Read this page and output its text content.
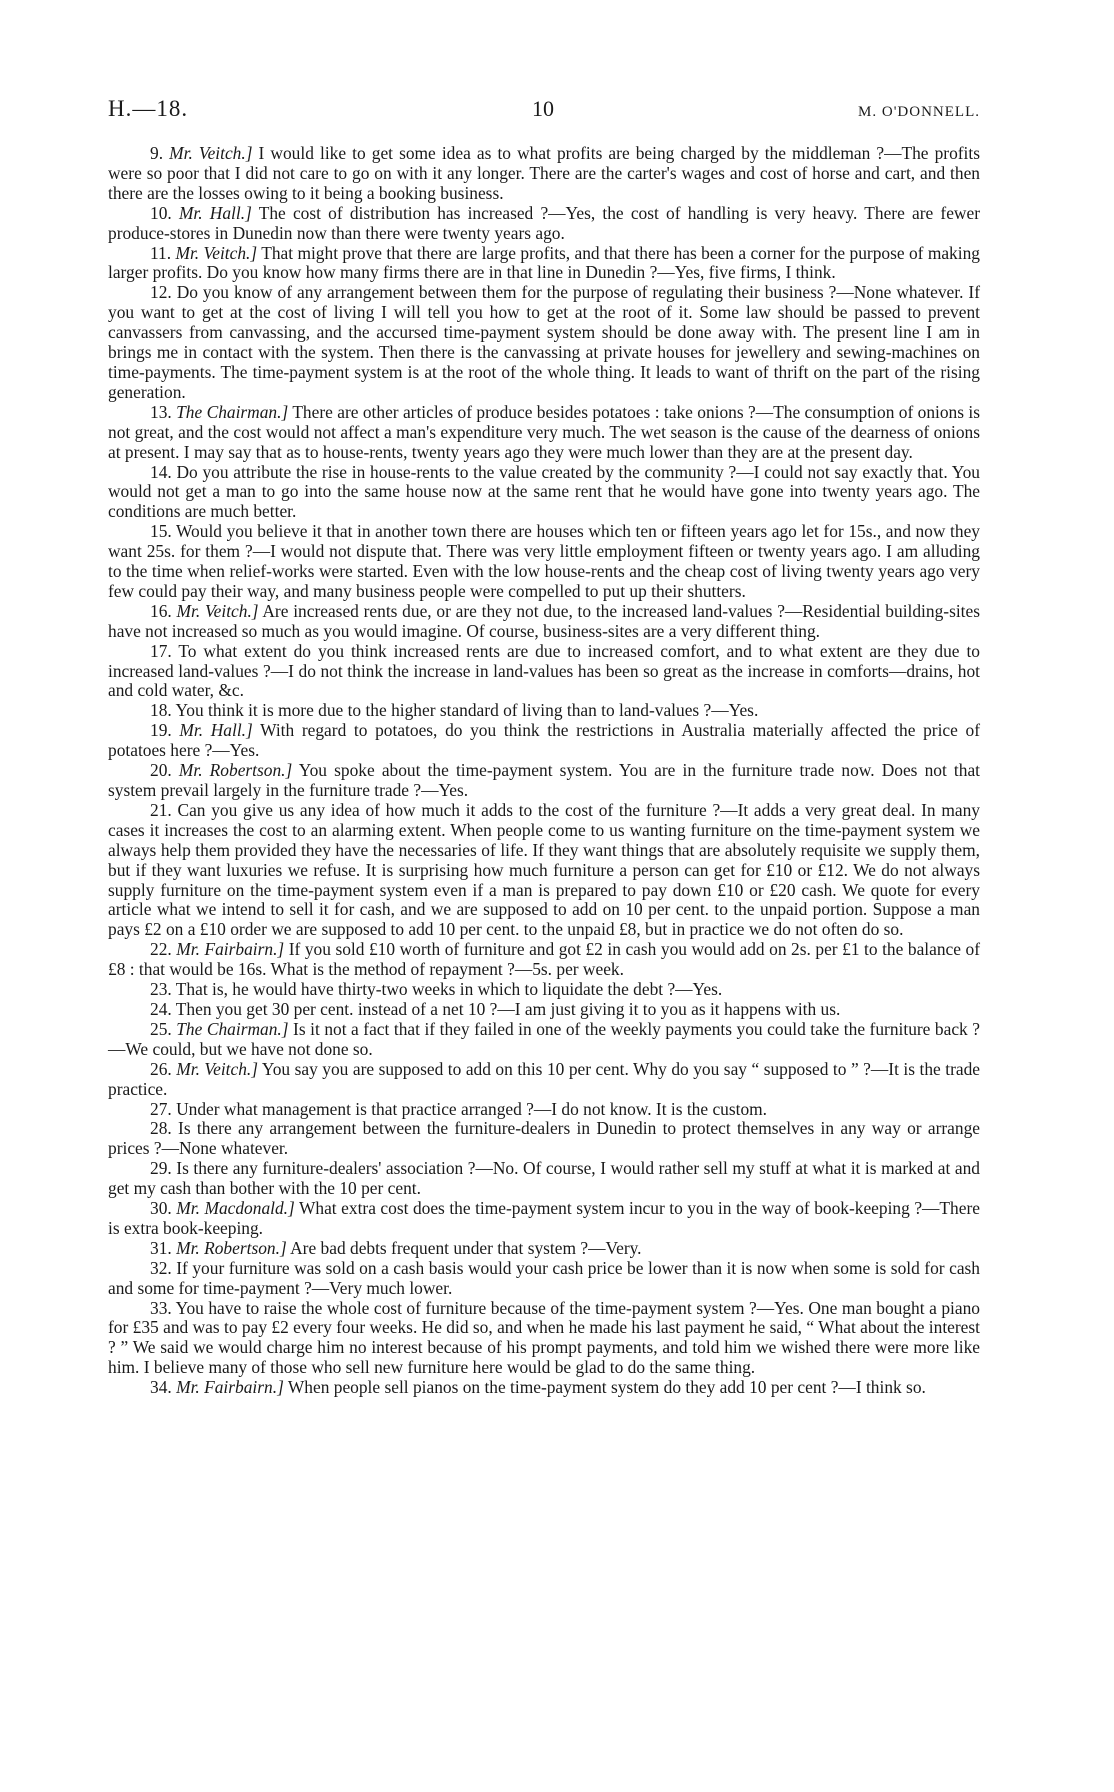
H.—18.	10	M. O'DONNELL.

9. Mr. Veitch.] I would like to get some idea as to what profits are being charged by the middleman ?—The profits were so poor that I did not care to go on with it any longer. There are the carter's wages and cost of horse and cart, and then there are the losses owing to it being a booking business.

10. Mr. Hall.] The cost of distribution has increased ?—Yes, the cost of handling is very heavy. There are fewer produce-stores in Dunedin now than there were twenty years ago.

11. Mr. Veitch.] That might prove that there are large profits, and that there has been a corner for the purpose of making larger profits. Do you know how many firms there are in that line in Dunedin ?—Yes, five firms, I think.

12. Do you know of any arrangement between them for the purpose of regulating their business ?—None whatever. If you want to get at the cost of living I will tell you how to get at the root of it. Some law should be passed to prevent canvassers from canvassing, and the accursed time-payment system should be done away with. The present line I am in brings me in contact with the system. Then there is the canvassing at private houses for jewellery and sewing-machines on time-payments. The time-payment system is at the root of the whole thing. It leads to want of thrift on the part of the rising generation.

13. The Chairman.] There are other articles of produce besides potatoes : take onions ?—The consumption of onions is not great, and the cost would not affect a man's expenditure very much. The wet season is the cause of the dearness of onions at present. I may say that as to house-rents, twenty years ago they were much lower than they are at the present day.

14. Do you attribute the rise in house-rents to the value created by the community ?—I could not say exactly that. You would not get a man to go into the same house now at the same rent that he would have gone into twenty years ago. The conditions are much better.

15. Would you believe it that in another town there are houses which ten or fifteen years ago let for 15s., and now they want 25s. for them ?—I would not dispute that. There was very little employment fifteen or twenty years ago. I am alluding to the time when relief-works were started. Even with the low house-rents and the cheap cost of living twenty years ago very few could pay their way, and many business people were compelled to put up their shutters.

16. Mr. Veitch.] Are increased rents due, or are they not due, to the increased land-values ?—Residential building-sites have not increased so much as you would imagine. Of course, business-sites are a very different thing.

17. To what extent do you think increased rents are due to increased comfort, and to what extent are they due to increased land-values ?—I do not think the increase in land-values has been so great as the increase in comforts—drains, hot and cold water, &c.

18. You think it is more due to the higher standard of living than to land-values ?—Yes.

19. Mr. Hall.] With regard to potatoes, do you think the restrictions in Australia materially affected the price of potatoes here ?—Yes.

20. Mr. Robertson.] You spoke about the time-payment system. You are in the furniture trade now. Does not that system prevail largely in the furniture trade ?—Yes.

21. Can you give us any idea of how much it adds to the cost of the furniture ?—It adds a very great deal. In many cases it increases the cost to an alarming extent. When people come to us wanting furniture on the time-payment system we always help them provided they have the necessaries of life. If they want things that are absolutely requisite we supply them, but if they want luxuries we refuse. It is surprising how much furniture a person can get for £10 or £12. We do not always supply furniture on the time-payment system even if a man is prepared to pay down £10 or £20 cash. We quote for every article what we intend to sell it for cash, and we are supposed to add on 10 per cent. to the unpaid portion. Suppose a man pays £2 on a £10 order we are supposed to add 10 per cent. to the unpaid £8, but in practice we do not often do so.

22. Mr. Fairbairn.] If you sold £10 worth of furniture and got £2 in cash you would add on 2s. per £1 to the balance of £8 : that would be 16s. What is the method of repayment ?—5s. per week.

23. That is, he would have thirty-two weeks in which to liquidate the debt ?—Yes.

24. Then you get 30 per cent. instead of a net 10 ?—I am just giving it to you as it happens with us.

25. The Chairman.] Is it not a fact that if they failed in one of the weekly payments you could take the furniture back ?—We could, but we have not done so.

26. Mr. Veitch.] You say you are supposed to add on this 10 per cent. Why do you say “ supposed to ” ?—It is the trade practice.

27. Under what management is that practice arranged ?—I do not know. It is the custom.

28. Is there any arrangement between the furniture-dealers in Dunedin to protect themselves in any way or arrange prices ?—None whatever.

29. Is there any furniture-dealers' association ?—No. Of course, I would rather sell my stuff at what it is marked at and get my cash than bother with the 10 per cent.

30. Mr. Macdonald.] What extra cost does the time-payment system incur to you in the way of book-keeping ?—There is extra book-keeping.

31. Mr. Robertson.] Are bad debts frequent under that system ?—Very.

32. If your furniture was sold on a cash basis would your cash price be lower than it is now when some is sold for cash and some for time-payment ?—Very much lower.

33. You have to raise the whole cost of furniture because of the time-payment system ?—Yes. One man bought a piano for £35 and was to pay £2 every four weeks. He did so, and when he made his last payment he said, “ What about the interest ? ” We said we would charge him no interest because of his prompt payments, and told him we wished there were more like him. I believe many of those who sell new furniture here would be glad to do the same thing.

34. Mr. Fairbairn.] When people sell pianos on the time-payment system do they add 10 per cent ?—I think so.
